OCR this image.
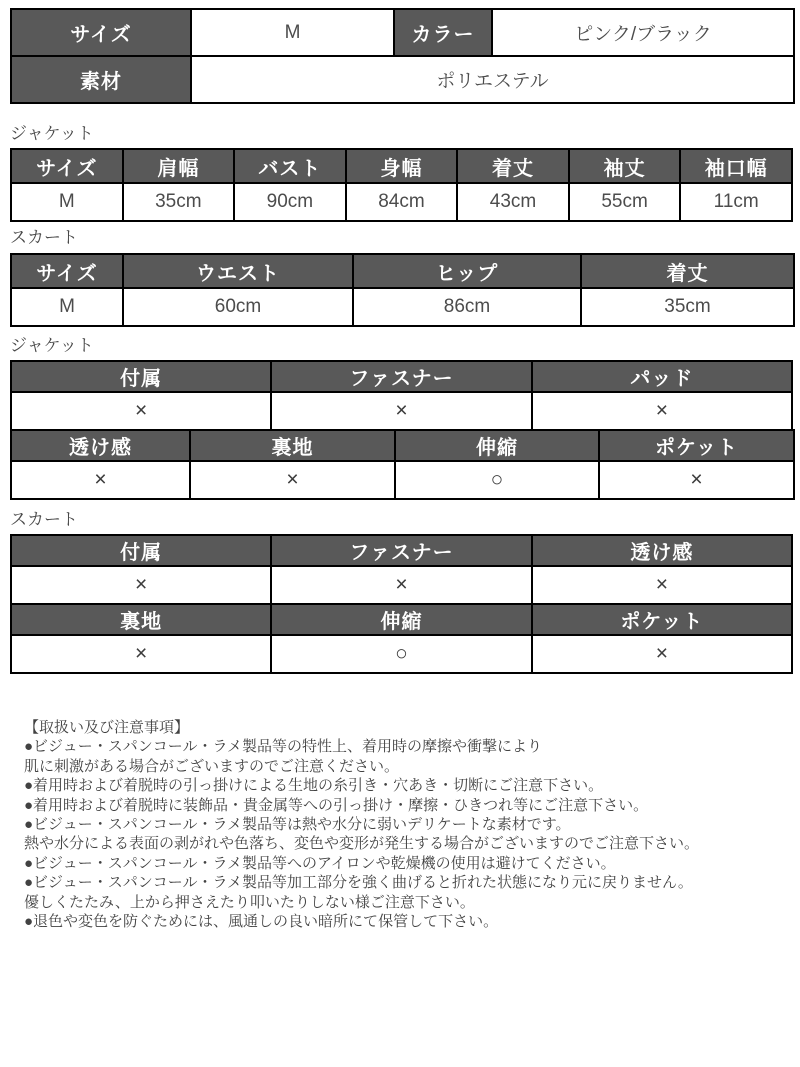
サイズ	M	カラー	ピンク/ブラック
素材	ポリエステル		
ジャケット
サイズ	肩幅	バスト	身幅	着丈	袖丈	袖口幅
M	35cm	90cm	84cm	43cm	55cm	11cm
スカート
サイズ	ウエスト	ヒップ	着丈
M	60cm	86cm	35cm
ジャケット
付属	ファスナー	パッド
×	×	×
透け感	裏地	伸縮	ポケット
×	×	○	×
スカート
付属	ファスナー	透け感
×	×	×
裏地	伸縮	ポケット
×	○	×
【取扱い及び注意事項】
●ビジュー・スパンコール・ラメ製品等の特性上、着用時の摩擦や衝撃により
肌に刺激がある場合がございますのでご注意ください。
●着用時および着脱時の引っ掛けによる生地の糸引き・穴あき・切断にご注意下さい。
●着用時および着脱時に装飾品・貴金属等への引っ掛け・摩擦・ひきつれ等にご注意下さい。
●ビジュー・スパンコール・ラメ製品等は熱や水分に弱いデリケートな素材です。
熱や水分による表面の剥がれや色落ち、変色や変形が発生する場合がございますのでご注意下さい。
●ビジュー・スパンコール・ラメ製品等へのアイロンや乾燥機の使用は避けてください。
●ビジュー・スパンコール・ラメ製品等加工部分を強く曲げると折れた状態になり元に戻りません。
優しくたたみ、上から押さえたり叩いたりしない様ご注意下さい。
●退色や変色を防ぐためには、風通しの良い暗所にて保管して下さい。
